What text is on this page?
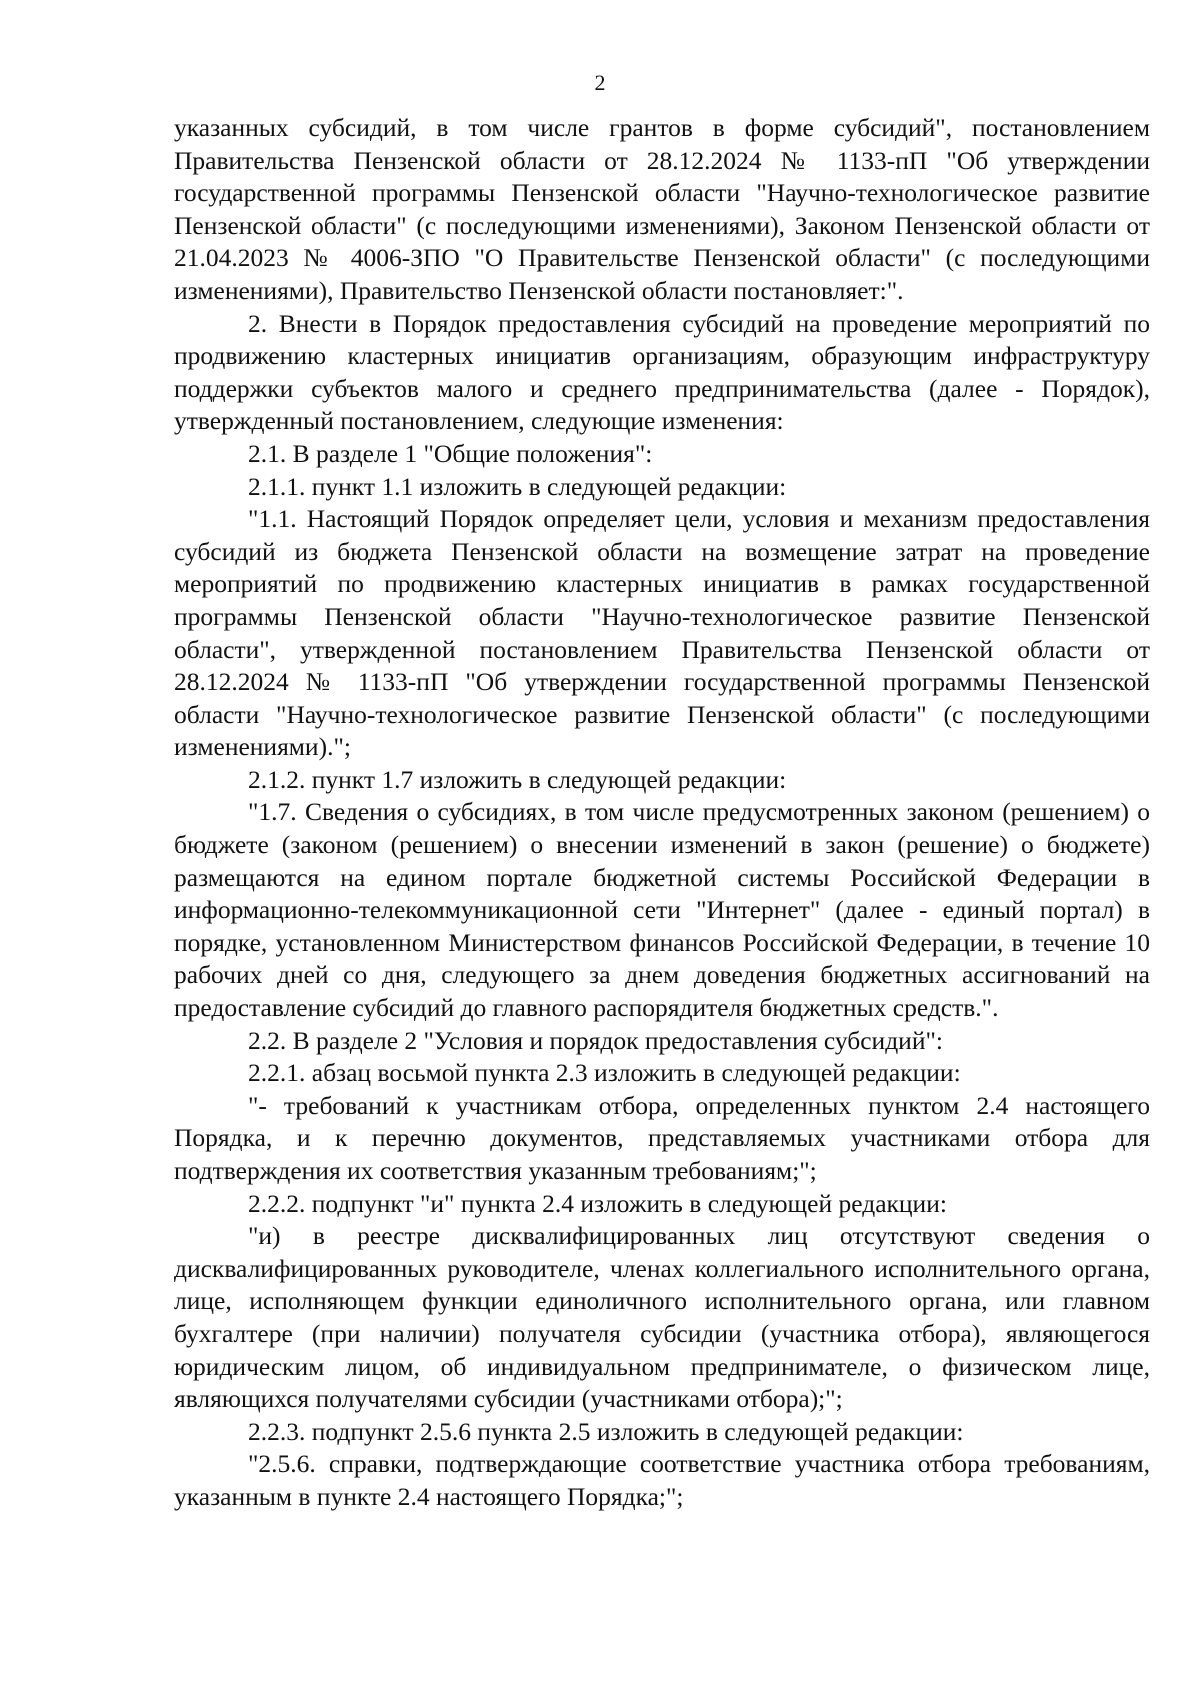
2

указанных субсидий, в том числе грантов в форме субсидий", постановлением Правительства Пензенской области от 28.12.2024 № 1133-пП "Об утверждении государственной программы Пензенской области "Научно-технологическое развитие Пензенской области" (с последующими изменениями), Законом Пензенской области от 21.04.2023 № 4006-ЗПО "О Правительстве Пензенской области" (с последующими изменениями), Правительство Пензенской области постановляет:".

2. Внести в Порядок предоставления субсидий на проведение мероприятий по продвижению кластерных инициатив организациям, образующим инфраструктуру поддержки субъектов малого и среднего предпринимательства (далее - Порядок), утвержденный постановлением, следующие изменения:

2.1. В разделе 1 "Общие положения":

2.1.1. пункт 1.1 изложить в следующей редакции:

"1.1. Настоящий Порядок определяет цели, условия и механизм предоставления субсидий из бюджета Пензенской области на возмещение затрат на проведение мероприятий по продвижению кластерных инициатив в рамках государственной программы Пензенской области "Научно-технологическое развитие Пензенской области", утвержденной постановлением Правительства Пензенской области от 28.12.2024 № 1133-пП "Об утверждении государственной программы Пензенской области "Научно-технологическое развитие Пензенской области" (с последующими изменениями).";

2.1.2. пункт 1.7 изложить в следующей редакции:

"1.7. Сведения о субсидиях, в том числе предусмотренных законом (решением) о бюджете (законом (решением) о внесении изменений в закон (решение) о бюджете) размещаются на едином портале бюджетной системы Российской Федерации в информационно-телекоммуникационной сети "Интернет" (далее - единый портал) в порядке, установленном Министерством финансов Российской Федерации, в течение 10 рабочих дней со дня, следующего за днем доведения бюджетных ассигнований на предоставление субсидий до главного распорядителя бюджетных средств.".

2.2. В разделе 2 "Условия и порядок предоставления субсидий":

2.2.1. абзац восьмой пункта 2.3 изложить в следующей редакции:

"- требований к участникам отбора, определенных пунктом 2.4 настоящего Порядка, и к перечню документов, представляемых участниками отбора для подтверждения их соответствия указанным требованиям;";

2.2.2. подпункт "и" пункта 2.4 изложить в следующей редакции:

"и) в реестре дисквалифицированных лиц отсутствуют сведения о дисквалифицированных руководителе, членах коллегиального исполнительного органа, лице, исполняющем функции единоличного исполнительного органа, или главном бухгалтере (при наличии) получателя субсидии (участника отбора), являющегося юридическим лицом, об индивидуальном предпринимателе, о физическом лице, являющихся получателями субсидии (участниками отбора);";

2.2.3. подпункт 2.5.6 пункта 2.5 изложить в следующей редакции:

"2.5.6. справки, подтверждающие соответствие участника отбора требованиям, указанным в пункте 2.4 настоящего Порядка;";
